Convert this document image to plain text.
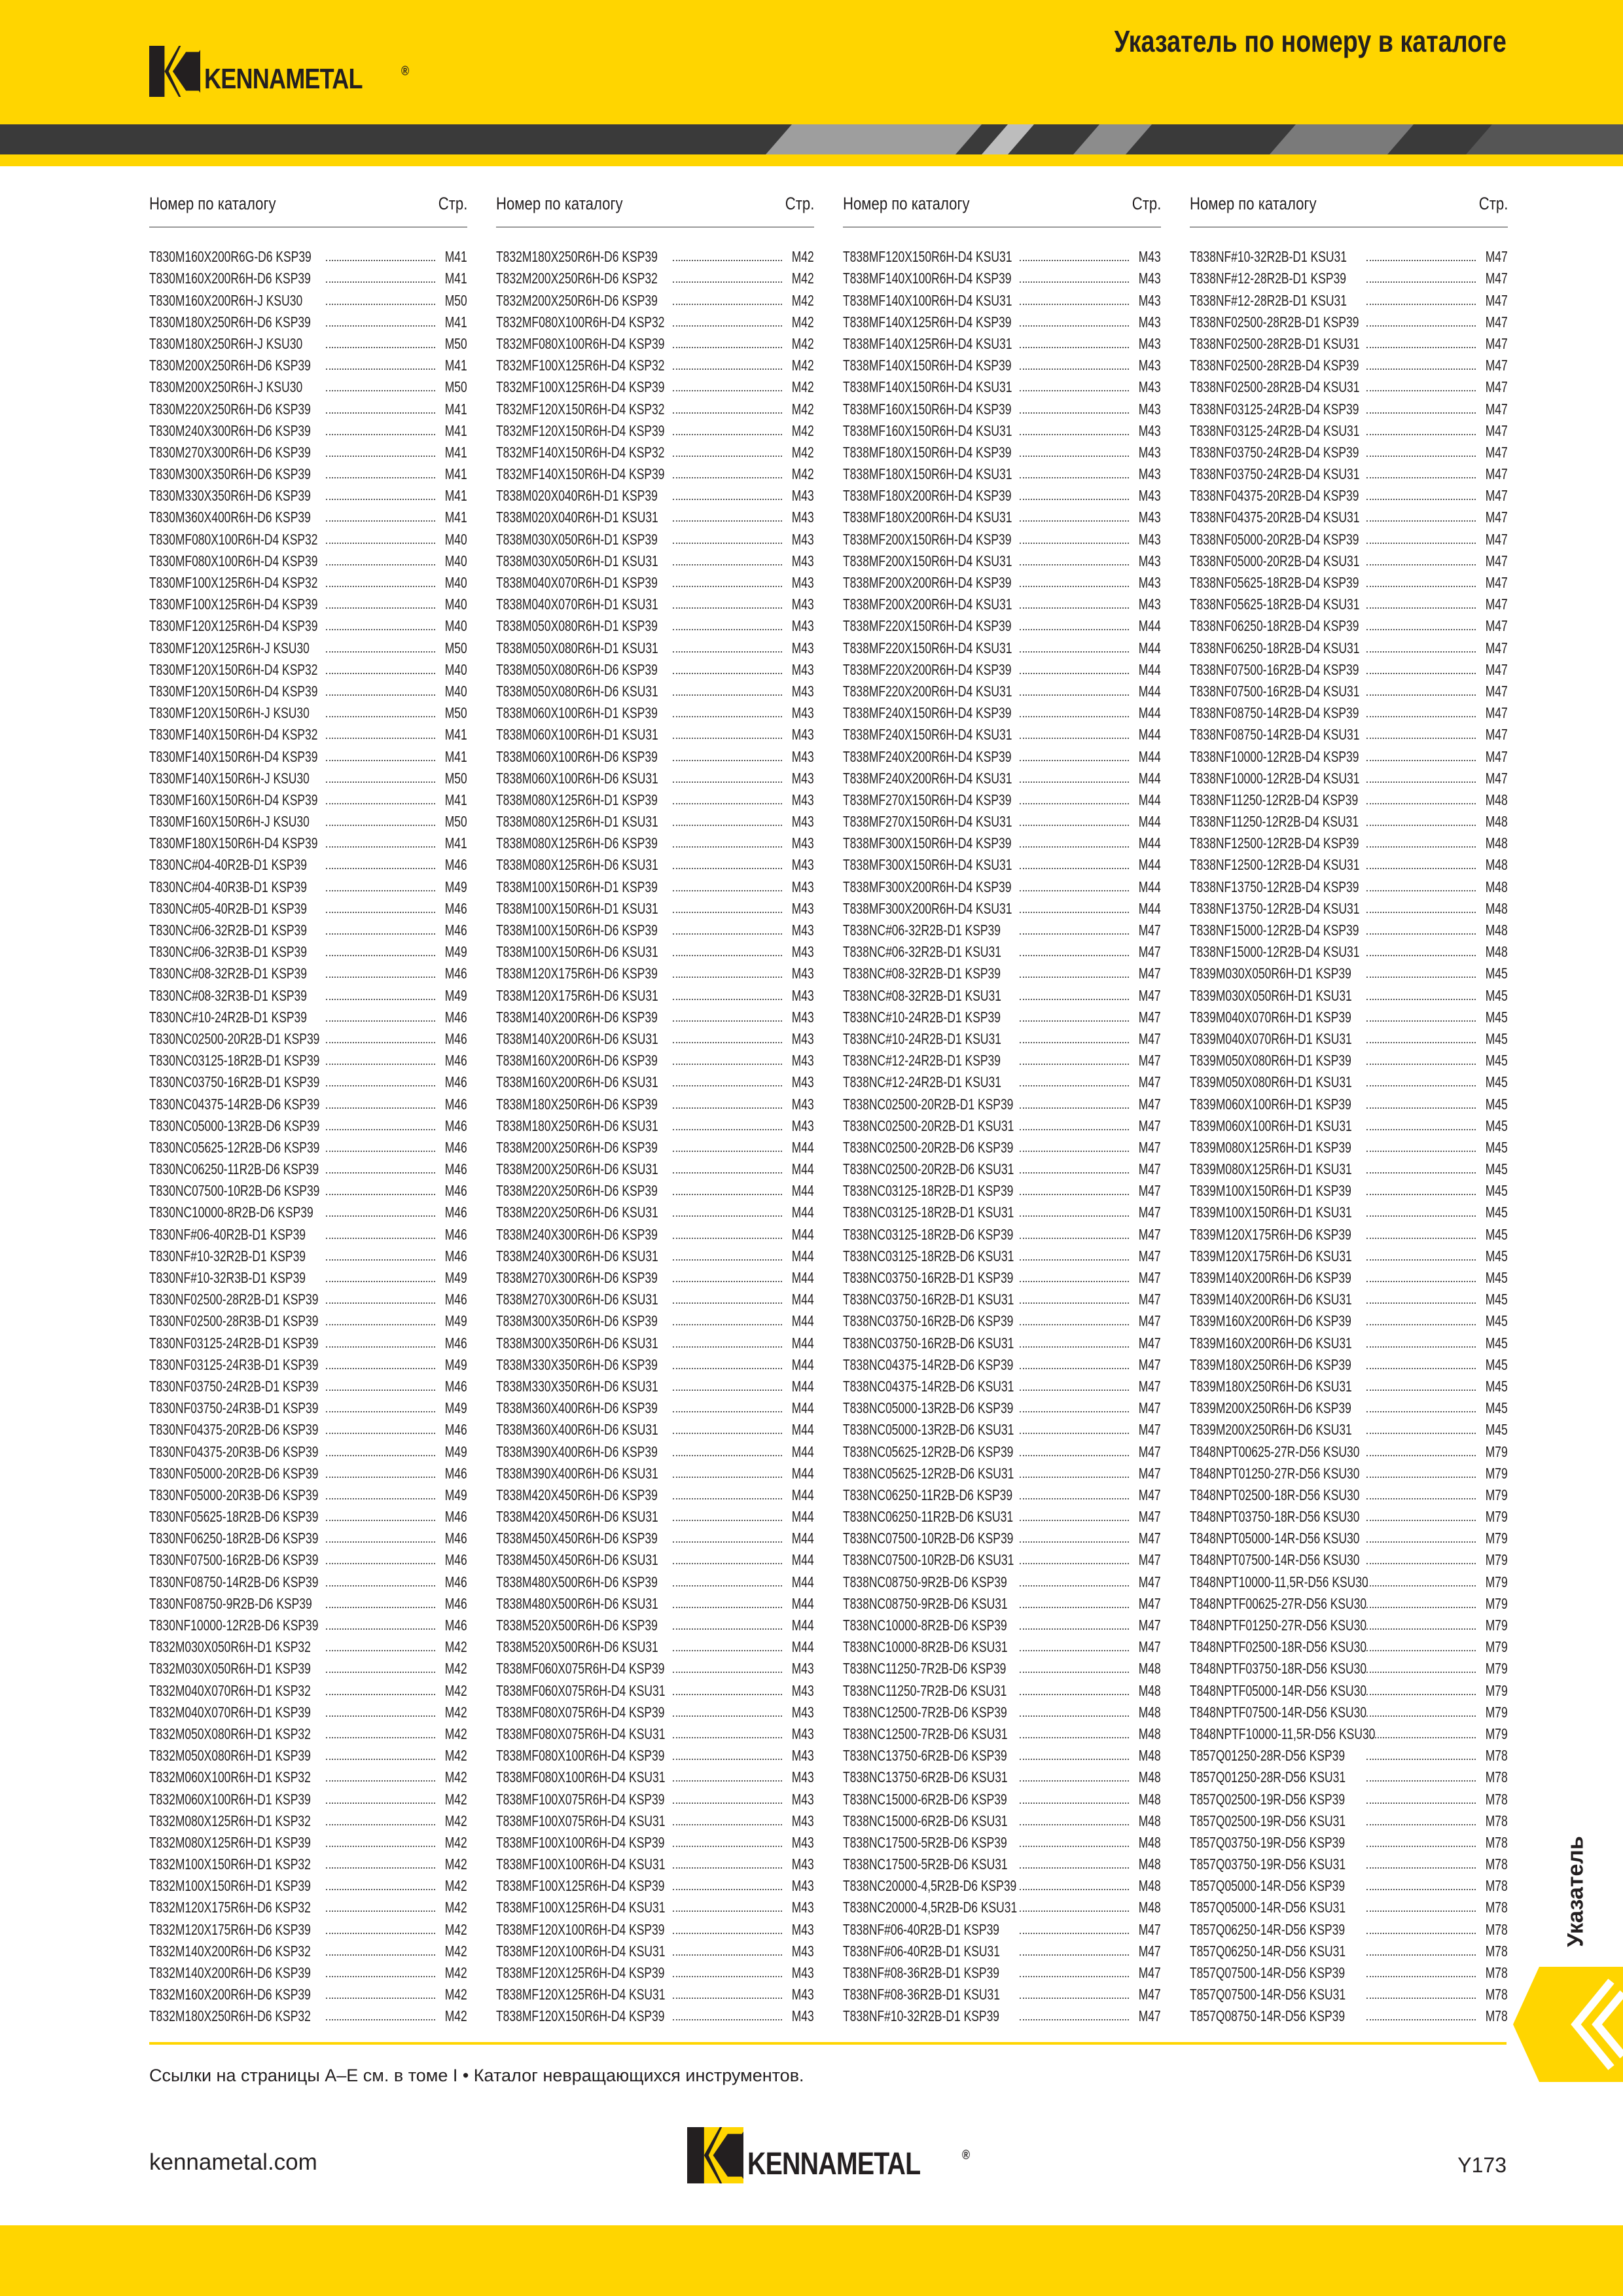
KENNAMETAL	®
Указатель по номеру в каталоге
Номер по каталогу	Стр.
T830M160X200R6G-D6 KSP39	M41
T830M160X200R6H-D6 KSP39	M41
T830M160X200R6H-J KSU30	M50
T830M180X250R6H-D6 KSP39	M41
T830M180X250R6H-J KSU30	M50
T830M200X250R6H-D6 KSP39	M41
T830M200X250R6H-J KSU30	M50
T830M220X250R6H-D6 KSP39	M41
T830M240X300R6H-D6 KSP39	M41
T830M270X300R6H-D6 KSP39	M41
T830M300X350R6H-D6 KSP39	M41
T830M330X350R6H-D6 KSP39	M41
T830M360X400R6H-D6 KSP39	M41
T830MF080X100R6H-D4 KSP32	M40
T830MF080X100R6H-D4 KSP39	M40
T830MF100X125R6H-D4 KSP32	M40
T830MF100X125R6H-D4 KSP39	M40
T830MF120X125R6H-D4 KSP39	M40
T830MF120X125R6H-J KSU30	M50
T830MF120X150R6H-D4 KSP32	M40
T830MF120X150R6H-D4 KSP39	M40
T830MF120X150R6H-J KSU30	M50
T830MF140X150R6H-D4 KSP32	M41
T830MF140X150R6H-D4 KSP39	M41
T830MF140X150R6H-J KSU30	M50
T830MF160X150R6H-D4 KSP39	M41
T830MF160X150R6H-J KSU30	M50
T830MF180X150R6H-D4 KSP39	M41
T830NC#04-40R2B-D1 KSP39	M46
T830NC#04-40R3B-D1 KSP39	M49
T830NC#05-40R2B-D1 KSP39	M46
T830NC#06-32R2B-D1 KSP39	M46
T830NC#06-32R3B-D1 KSP39	M49
T830NC#08-32R2B-D1 KSP39	M46
T830NC#08-32R3B-D1 KSP39	M49
T830NC#10-24R2B-D1 KSP39	M46
T830NC02500-20R2B-D1 KSP39	M46
T830NC03125-18R2B-D1 KSP39	M46
T830NC03750-16R2B-D1 KSP39	M46
T830NC04375-14R2B-D6 KSP39	M46
T830NC05000-13R2B-D6 KSP39	M46
T830NC05625-12R2B-D6 KSP39	M46
T830NC06250-11R2B-D6 KSP39	M46
T830NC07500-10R2B-D6 KSP39	M46
T830NC10000-8R2B-D6 KSP39	M46
T830NF#06-40R2B-D1 KSP39	M46
T830NF#10-32R2B-D1 KSP39	M46
T830NF#10-32R3B-D1 KSP39	M49
T830NF02500-28R2B-D1 KSP39	M46
T830NF02500-28R3B-D1 KSP39	M49
T830NF03125-24R2B-D1 KSP39	M46
T830NF03125-24R3B-D1 KSP39	M49
T830NF03750-24R2B-D1 KSP39	M46
T830NF03750-24R3B-D1 KSP39	M49
T830NF04375-20R2B-D6 KSP39	M46
T830NF04375-20R3B-D6 KSP39	M49
T830NF05000-20R2B-D6 KSP39	M46
T830NF05000-20R3B-D6 KSP39	M49
T830NF05625-18R2B-D6 KSP39	M46
T830NF06250-18R2B-D6 KSP39	M46
T830NF07500-16R2B-D6 KSP39	M46
T830NF08750-14R2B-D6 KSP39	M46
T830NF08750-9R2B-D6 KSP39	M46
T830NF10000-12R2B-D6 KSP39	M46
T832M030X050R6H-D1 KSP32	M42
T832M030X050R6H-D1 KSP39	M42
T832M040X070R6H-D1 KSP32	M42
T832M040X070R6H-D1 KSP39	M42
T832M050X080R6H-D1 KSP32	M42
T832M050X080R6H-D1 KSP39	M42
T832M060X100R6H-D1 KSP32	M42
T832M060X100R6H-D1 KSP39	M42
T832M080X125R6H-D1 KSP32	M42
T832M080X125R6H-D1 KSP39	M42
T832M100X150R6H-D1 KSP32	M42
T832M100X150R6H-D1 KSP39	M42
T832M120X175R6H-D6 KSP32	M42
T832M120X175R6H-D6 KSP39	M42
T832M140X200R6H-D6 KSP32	M42
T832M140X200R6H-D6 KSP39	M42
T832M160X200R6H-D6 KSP39	M42
T832M180X250R6H-D6 KSP32	M42
Номер по каталогу	Стр.
T832M180X250R6H-D6 KSP39	M42
T832M200X250R6H-D6 KSP32	M42
T832M200X250R6H-D6 KSP39	M42
T832MF080X100R6H-D4 KSP32	M42
T832MF080X100R6H-D4 KSP39	M42
T832MF100X125R6H-D4 KSP32	M42
T832MF100X125R6H-D4 KSP39	M42
T832MF120X150R6H-D4 KSP32	M42
T832MF120X150R6H-D4 KSP39	M42
T832MF140X150R6H-D4 KSP32	M42
T832MF140X150R6H-D4 KSP39	M42
T838M020X040R6H-D1 KSP39	M43
T838M020X040R6H-D1 KSU31	M43
T838M030X050R6H-D1 KSP39	M43
T838M030X050R6H-D1 KSU31	M43
T838M040X070R6H-D1 KSP39	M43
T838M040X070R6H-D1 KSU31	M43
T838M050X080R6H-D1 KSP39	M43
T838M050X080R6H-D1 KSU31	M43
T838M050X080R6H-D6 KSP39	M43
T838M050X080R6H-D6 KSU31	M43
T838M060X100R6H-D1 KSP39	M43
T838M060X100R6H-D1 KSU31	M43
T838M060X100R6H-D6 KSP39	M43
T838M060X100R6H-D6 KSU31	M43
T838M080X125R6H-D1 KSP39	M43
T838M080X125R6H-D1 KSU31	M43
T838M080X125R6H-D6 KSP39	M43
T838M080X125R6H-D6 KSU31	M43
T838M100X150R6H-D1 KSP39	M43
T838M100X150R6H-D1 KSU31	M43
T838M100X150R6H-D6 KSP39	M43
T838M100X150R6H-D6 KSU31	M43
T838M120X175R6H-D6 KSP39	M43
T838M120X175R6H-D6 KSU31	M43
T838M140X200R6H-D6 KSP39	M43
T838M140X200R6H-D6 KSU31	M43
T838M160X200R6H-D6 KSP39	M43
T838M160X200R6H-D6 KSU31	M43
T838M180X250R6H-D6 KSP39	M43
T838M180X250R6H-D6 KSU31	M43
T838M200X250R6H-D6 KSP39	M44
T838M200X250R6H-D6 KSU31	M44
T838M220X250R6H-D6 KSP39	M44
T838M220X250R6H-D6 KSU31	M44
T838M240X300R6H-D6 KSP39	M44
T838M240X300R6H-D6 KSU31	M44
T838M270X300R6H-D6 KSP39	M44
T838M270X300R6H-D6 KSU31	M44
T838M300X350R6H-D6 KSP39	M44
T838M300X350R6H-D6 KSU31	M44
T838M330X350R6H-D6 KSP39	M44
T838M330X350R6H-D6 KSU31	M44
T838M360X400R6H-D6 KSP39	M44
T838M360X400R6H-D6 KSU31	M44
T838M390X400R6H-D6 KSP39	M44
T838M390X400R6H-D6 KSU31	M44
T838M420X450R6H-D6 KSP39	M44
T838M420X450R6H-D6 KSU31	M44
T838M450X450R6H-D6 KSP39	M44
T838M450X450R6H-D6 KSU31	M44
T838M480X500R6H-D6 KSP39	M44
T838M480X500R6H-D6 KSU31	M44
T838M520X500R6H-D6 KSP39	M44
T838M520X500R6H-D6 KSU31	M44
T838MF060X075R6H-D4 KSP39	M43
T838MF060X075R6H-D4 KSU31	M43
T838MF080X075R6H-D4 KSP39	M43
T838MF080X075R6H-D4 KSU31	M43
T838MF080X100R6H-D4 KSP39	M43
T838MF080X100R6H-D4 KSU31	M43
T838MF100X075R6H-D4 KSP39	M43
T838MF100X075R6H-D4 KSU31	M43
T838MF100X100R6H-D4 KSP39	M43
T838MF100X100R6H-D4 KSU31	M43
T838MF100X125R6H-D4 KSP39	M43
T838MF100X125R6H-D4 KSU31	M43
T838MF120X100R6H-D4 KSP39	M43
T838MF120X100R6H-D4 KSU31	M43
T838MF120X125R6H-D4 KSP39	M43
T838MF120X125R6H-D4 KSU31	M43
T838MF120X150R6H-D4 KSP39	M43
Номер по каталогу	Стр.
T838MF120X150R6H-D4 KSU31	M43
T838MF140X100R6H-D4 KSP39	M43
T838MF140X100R6H-D4 KSU31	M43
T838MF140X125R6H-D4 KSP39	M43
T838MF140X125R6H-D4 KSU31	M43
T838MF140X150R6H-D4 KSP39	M43
T838MF140X150R6H-D4 KSU31	M43
T838MF160X150R6H-D4 KSP39	M43
T838MF160X150R6H-D4 KSU31	M43
T838MF180X150R6H-D4 KSP39	M43
T838MF180X150R6H-D4 KSU31	M43
T838MF180X200R6H-D4 KSP39	M43
T838MF180X200R6H-D4 KSU31	M43
T838MF200X150R6H-D4 KSP39	M43
T838MF200X150R6H-D4 KSU31	M43
T838MF200X200R6H-D4 KSP39	M43
T838MF200X200R6H-D4 KSU31	M43
T838MF220X150R6H-D4 KSP39	M44
T838MF220X150R6H-D4 KSU31	M44
T838MF220X200R6H-D4 KSP39	M44
T838MF220X200R6H-D4 KSU31	M44
T838MF240X150R6H-D4 KSP39	M44
T838MF240X150R6H-D4 KSU31	M44
T838MF240X200R6H-D4 KSP39	M44
T838MF240X200R6H-D4 KSU31	M44
T838MF270X150R6H-D4 KSP39	M44
T838MF270X150R6H-D4 KSU31	M44
T838MF300X150R6H-D4 KSP39	M44
T838MF300X150R6H-D4 KSU31	M44
T838MF300X200R6H-D4 KSP39	M44
T838MF300X200R6H-D4 KSU31	M44
T838NC#06-32R2B-D1 KSP39	M47
T838NC#06-32R2B-D1 KSU31	M47
T838NC#08-32R2B-D1 KSP39	M47
T838NC#08-32R2B-D1 KSU31	M47
T838NC#10-24R2B-D1 KSP39	M47
T838NC#10-24R2B-D1 KSU31	M47
T838NC#12-24R2B-D1 KSP39	M47
T838NC#12-24R2B-D1 KSU31	M47
T838NC02500-20R2B-D1 KSP39	M47
T838NC02500-20R2B-D1 KSU31	M47
T838NC02500-20R2B-D6 KSP39	M47
T838NC02500-20R2B-D6 KSU31	M47
T838NC03125-18R2B-D1 KSP39	M47
T838NC03125-18R2B-D1 KSU31	M47
T838NC03125-18R2B-D6 KSP39	M47
T838NC03125-18R2B-D6 KSU31	M47
T838NC03750-16R2B-D1 KSP39	M47
T838NC03750-16R2B-D1 KSU31	M47
T838NC03750-16R2B-D6 KSP39	M47
T838NC03750-16R2B-D6 KSU31	M47
T838NC04375-14R2B-D6 KSP39	M47
T838NC04375-14R2B-D6 KSU31	M47
T838NC05000-13R2B-D6 KSP39	M47
T838NC05000-13R2B-D6 KSU31	M47
T838NC05625-12R2B-D6 KSP39	M47
T838NC05625-12R2B-D6 KSU31	M47
T838NC06250-11R2B-D6 KSP39	M47
T838NC06250-11R2B-D6 KSU31	M47
T838NC07500-10R2B-D6 KSP39	M47
T838NC07500-10R2B-D6 KSU31	M47
T838NC08750-9R2B-D6 KSP39	M47
T838NC08750-9R2B-D6 KSU31	M47
T838NC10000-8R2B-D6 KSP39	M47
T838NC10000-8R2B-D6 KSU31	M47
T838NC11250-7R2B-D6 KSP39	M48
T838NC11250-7R2B-D6 KSU31	M48
T838NC12500-7R2B-D6 KSP39	M48
T838NC12500-7R2B-D6 KSU31	M48
T838NC13750-6R2B-D6 KSP39	M48
T838NC13750-6R2B-D6 KSU31	M48
T838NC15000-6R2B-D6 KSP39	M48
T838NC15000-6R2B-D6 KSU31	M48
T838NC17500-5R2B-D6 KSP39	M48
T838NC17500-5R2B-D6 KSU31	M48
T838NC20000-4,5R2B-D6 KSP39	M48
T838NC20000-4,5R2B-D6 KSU31	M48
T838NF#06-40R2B-D1 KSP39	M47
T838NF#06-40R2B-D1 KSU31	M47
T838NF#08-36R2B-D1 KSP39	M47
T838NF#08-36R2B-D1 KSU31	M47
T838NF#10-32R2B-D1 KSP39	M47
Номер по каталогу	Стр.
T838NF#10-32R2B-D1 KSU31	M47
T838NF#12-28R2B-D1 KSP39	M47
T838NF#12-28R2B-D1 KSU31	M47
T838NF02500-28R2B-D1 KSP39	M47
T838NF02500-28R2B-D1 KSU31	M47
T838NF02500-28R2B-D4 KSP39	M47
T838NF02500-28R2B-D4 KSU31	M47
T838NF03125-24R2B-D4 KSP39	M47
T838NF03125-24R2B-D4 KSU31	M47
T838NF03750-24R2B-D4 KSP39	M47
T838NF03750-24R2B-D4 KSU31	M47
T838NF04375-20R2B-D4 KSP39	M47
T838NF04375-20R2B-D4 KSU31	M47
T838NF05000-20R2B-D4 KSP39	M47
T838NF05000-20R2B-D4 KSU31	M47
T838NF05625-18R2B-D4 KSP39	M47
T838NF05625-18R2B-D4 KSU31	M47
T838NF06250-18R2B-D4 KSP39	M47
T838NF06250-18R2B-D4 KSU31	M47
T838NF07500-16R2B-D4 KSP39	M47
T838NF07500-16R2B-D4 KSU31	M47
T838NF08750-14R2B-D4 KSP39	M47
T838NF08750-14R2B-D4 KSU31	M47
T838NF10000-12R2B-D4 KSP39	M47
T838NF10000-12R2B-D4 KSU31	M47
T838NF11250-12R2B-D4 KSP39	M48
T838NF11250-12R2B-D4 KSU31	M48
T838NF12500-12R2B-D4 KSP39	M48
T838NF12500-12R2B-D4 KSU31	M48
T838NF13750-12R2B-D4 KSP39	M48
T838NF13750-12R2B-D4 KSU31	M48
T838NF15000-12R2B-D4 KSP39	M48
T838NF15000-12R2B-D4 KSU31	M48
T839M030X050R6H-D1 KSP39	M45
T839M030X050R6H-D1 KSU31	M45
T839M040X070R6H-D1 KSP39	M45
T839M040X070R6H-D1 KSU31	M45
T839M050X080R6H-D1 KSP39	M45
T839M050X080R6H-D1 KSU31	M45
T839M060X100R6H-D1 KSP39	M45
T839M060X100R6H-D1 KSU31	M45
T839M080X125R6H-D1 KSP39	M45
T839M080X125R6H-D1 KSU31	M45
T839M100X150R6H-D1 KSP39	M45
T839M100X150R6H-D1 KSU31	M45
T839M120X175R6H-D6 KSP39	M45
T839M120X175R6H-D6 KSU31	M45
T839M140X200R6H-D6 KSP39	M45
T839M140X200R6H-D6 KSU31	M45
T839M160X200R6H-D6 KSP39	M45
T839M160X200R6H-D6 KSU31	M45
T839M180X250R6H-D6 KSP39	M45
T839M180X250R6H-D6 KSU31	M45
T839M200X250R6H-D6 KSP39	M45
T839M200X250R6H-D6 KSU31	M45
T848NPT00625-27R-D56 KSU30	M79
T848NPT01250-27R-D56 KSU30	M79
T848NPT02500-18R-D56 KSU30	M79
T848NPT03750-18R-D56 KSU30	M79
T848NPT05000-14R-D56 KSU30	M79
T848NPT07500-14R-D56 KSU30	M79
T848NPT10000-11,5R-D56 KSU30	M79
T848NPTF00625-27R-D56 KSU30	M79
T848NPTF01250-27R-D56 KSU30	M79
T848NPTF02500-18R-D56 KSU30	M79
T848NPTF03750-18R-D56 KSU30	M79
T848NPTF05000-14R-D56 KSU30	M79
T848NPTF07500-14R-D56 KSU30	M79
T848NPTF10000-11,5R-D56 KSU30	M79
T857Q01250-28R-D56 KSP39	M78
T857Q01250-28R-D56 KSU31	M78
T857Q02500-19R-D56 KSP39	M78
T857Q02500-19R-D56 KSU31	M78
T857Q03750-19R-D56 KSP39	M78
T857Q03750-19R-D56 KSU31	M78
T857Q05000-14R-D56 KSP39	M78
T857Q05000-14R-D56 KSU31	M78
T857Q06250-14R-D56 KSP39	M78
T857Q06250-14R-D56 KSU31	M78
T857Q07500-14R-D56 KSP39	M78
T857Q07500-14R-D56 KSU31	M78
T857Q08750-14R-D56 KSP39	M78
Ссылки на страницы A–E см. в томе I • Каталог невращающихся инструментов.
kennametal.com	KENNAMETAL	®	Y173
Указатель
